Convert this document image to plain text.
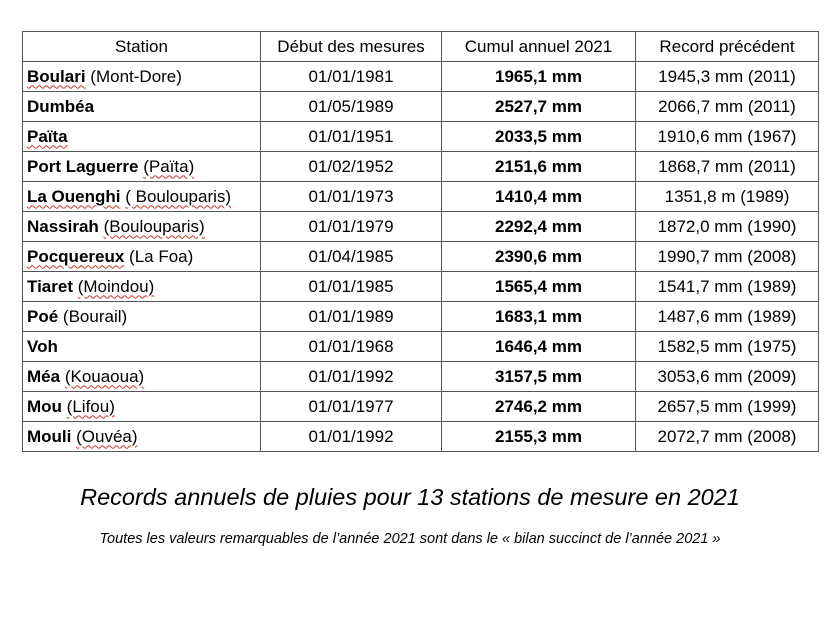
Station	Début des mesures	Cumul annuel 2021	Record précédent
Boulari (Mont-Dore)	01/01/1981	1965,1 mm	1945,3 mm (2011)
Dumbéa	01/05/1989	2527,7 mm	2066,7 mm (2011)
Païta	01/01/1951	2033,5 mm	1910,6 mm (1967)
Port Laguerre (Païta)	01/02/1952	2151,6 mm	1868,7 mm (2011)
La Ouenghi ( Boulouparis)	01/01/1973	1410,4 mm	1351,8 m (1989)
Nassirah (Boulouparis)	01/01/1979	2292,4 mm	1872,0 mm (1990)
Pocquereux (La Foa)	01/04/1985	2390,6 mm	1990,7 mm (2008)
Tiaret (Moindou)	01/01/1985	1565,4 mm	1541,7 mm (1989)
Poé (Bourail)	01/01/1989	1683,1 mm	1487,6 mm (1989)
Voh	01/01/1968	1646,4 mm	1582,5 mm (1975)
Méa (Kouaoua)	01/01/1992	3157,5 mm	3053,6 mm (2009)
Mou (Lifou)	01/01/1977	2746,2 mm	2657,5 mm (1999)
Mouli (Ouvéa)	01/01/1992	2155,3 mm	2072,7 mm (2008)
Records annuels de pluies pour 13 stations de mesure en 2021
Toutes les valeurs remarquables de l’année 2021 sont dans le « bilan succinct de l’année 2021 »
